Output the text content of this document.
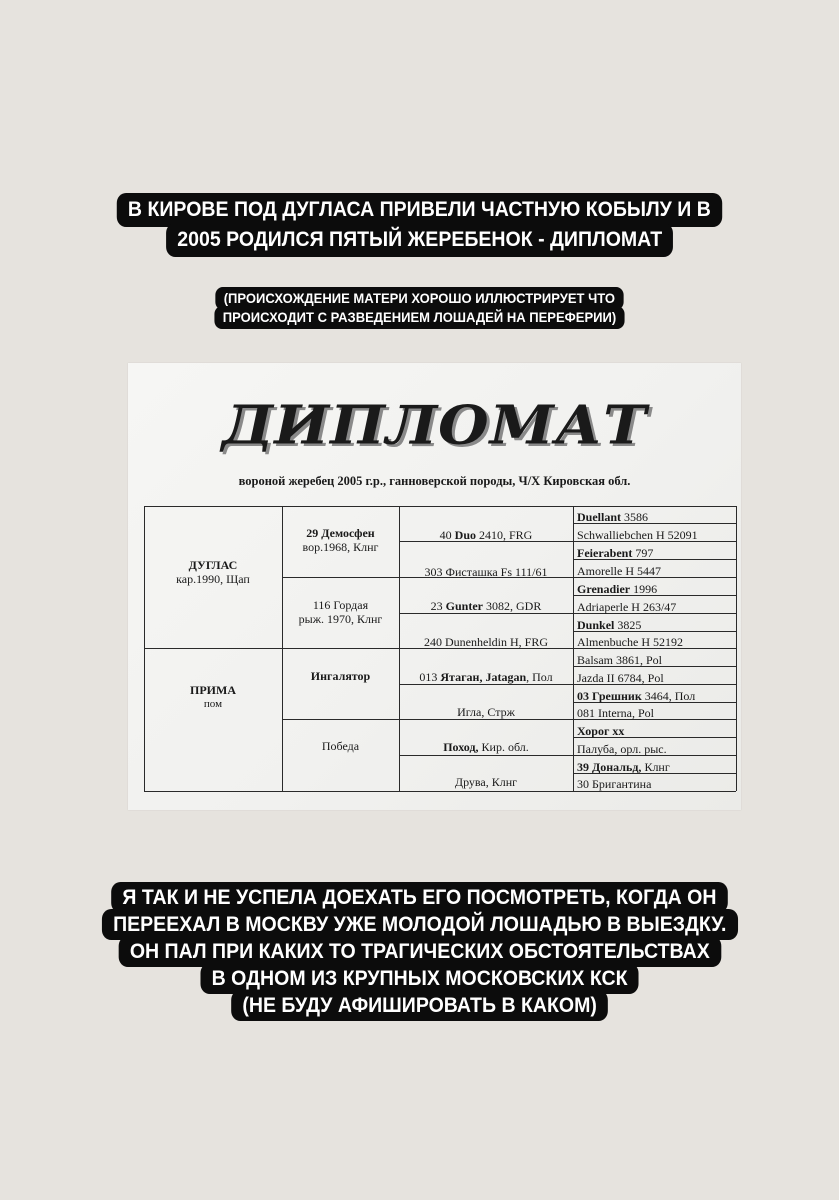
В КИРОВЕ ПОД ДУГЛАСА ПРИВЕЛИ ЧАСТНУЮ КОБЫЛУ И В
2005 РОДИЛСЯ ПЯТЫЙ ЖЕРЕБЕНОК - ДИПЛОМАТ
(ПРОИСХОЖДЕНИЕ МАТЕРИ ХОРОШО ИЛЛЮСТРИРУЕТ ЧТО
ПРОИСХОДИТ С РАЗВЕДЕНИЕМ ЛОШАДЕЙ НА ПЕРЕФЕРИИ)
ДИПЛОМАТ
вороной жеребец 2005 г.р., ганноверской породы, Ч/Х Кировская обл.
ДУГЛАС
кар.1990, Щап
ПРИМА
пом
29 Демосфен
вор.1968, Клнг
116 Гордая
рыж. 1970, Клнг
Ингалятор
Победа
40 Duo 2410, FRG
303 Фисташка Fs 111/61
23 Gunter 3082, GDR
240 Dunenheldin H, FRG
013 Ятаган, Jatagan, Пол
Игла, Стрж
Поход, Кир. обл.
Друва, Клнг
Duellant 3586
Schwalliebchen H 52091
Feierabent 797
Amorelle H 5447
Grenadier 1996
Adriaperle H 263/47
Dunkel 3825
Almenbuche H 52192
Balsam 3861, Pol
Jazda II 6784, Pol
03 Грешник 3464, Пол
081 Interna, Pol
Хорог xx
Палуба, орл. рыс.
39 Дональд, Клнг
30 Бригантина
Я ТАК И НЕ УСПЕЛА ДОЕХАТЬ ЕГО ПОСМОТРЕТЬ, КОГДА ОН
ПЕРЕЕХАЛ В МОСКВУ УЖЕ МОЛОДОЙ ЛОШАДЬЮ В ВЫЕЗДКУ.
ОН ПАЛ ПРИ КАКИХ ТО ТРАГИЧЕСКИХ ОБСТОЯТЕЛЬСТВАХ
В ОДНОМ ИЗ КРУПНЫХ МОСКОВСКИХ КСК
(НЕ БУДУ АФИШИРОВАТЬ В КАКОМ)
